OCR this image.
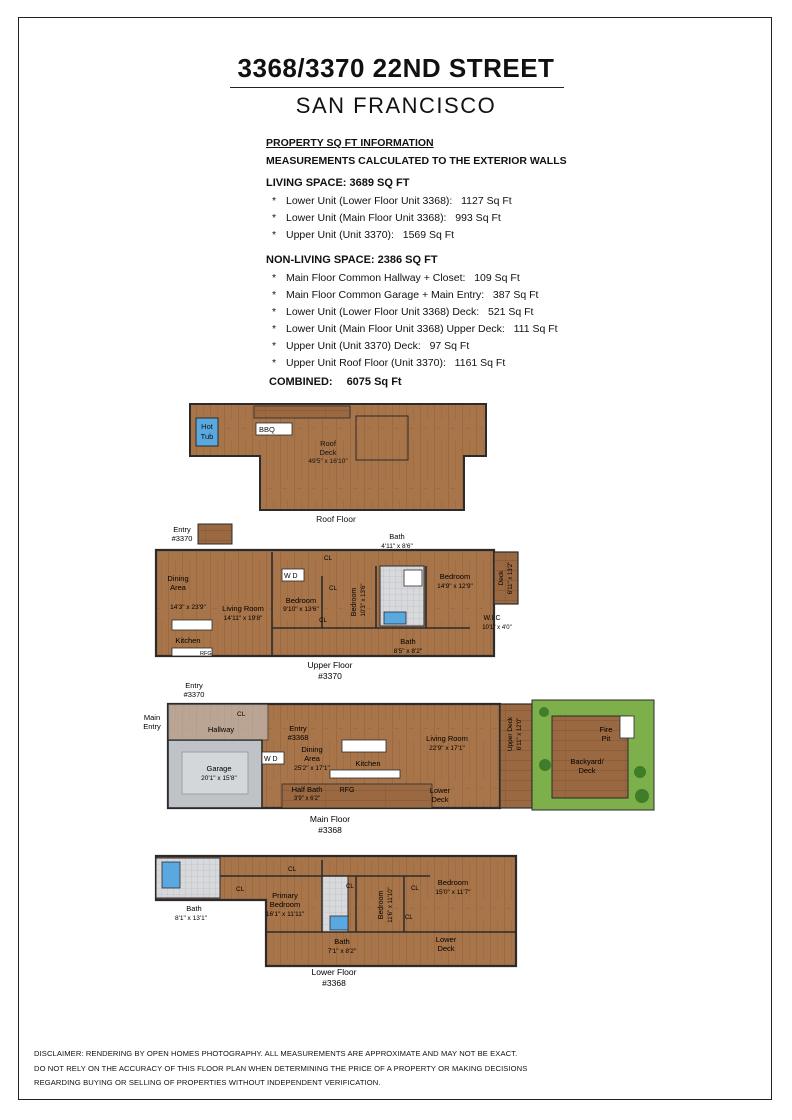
3368/3370 22ND STREET
SAN FRANCISCO
PROPERTY SQ FT INFORMATION
MEASUREMENTS CALCULATED TO THE EXTERIOR WALLS
LIVING SPACE: 3689 SQ FT
* Lower Unit (Lower Floor Unit 3368): 1127 Sq Ft
* Lower Unit (Main Floor Unit 3368): 993 Sq Ft
* Upper Unit (Unit 3370): 1569 Sq Ft
NON-LIVING SPACE: 2386 SQ FT
* Main Floor Common Hallway + Closet: 109 Sq Ft
* Main Floor Common Garage + Main Entry: 387 Sq Ft
* Lower Unit (Lower Floor Unit 3368) Deck: 521 Sq Ft
* Lower Unit (Main Floor Unit 3368) Upper Deck: 111 Sq Ft
* Upper Unit (Unit 3370) Deck: 97 Sq Ft
* Upper Unit Roof Floor (Unit 3370): 1161 Sq Ft
COMBINED: 6075 Sq Ft
Hot
Tub
BBQ
Roof
Deck
49'5" x 16'10"
Roof Floor
Entry
#3370	Bath
4'11" x 8'6"
Dining
Area
14'3" x 23'9" Living Room
14'11" x 19'8"
Kitchen
RFG
W D
CL
CL
CL
Bedroom
9'10" x 13'6"	Bedroom 10'3" x 13'6"
Bedroom
14'9" x 12'9"
Deck 6'11" x 13'2"
W.I.C
10'1" x 4'0"
Bath
8'5" x 8'2"
Upper Floor
#3370
Entry
#3370
Main
Entry
CL
Hallway	Entry
#3368
Garage
20'1" x 15'8"
Dining
Area
25'2" x 17'1"
W D	Kitchen
Living Room
22'9" x 17'1"	Upper Deck 6'11" x 12'0"	Fire
Pit
Backyard/
Deck
Half Bath
3'9" x 6'2"
RFG	Lower
Deck
Main Floor
#3368
Bath
8'1" x 13'1"
CL
CL	CL
CL
CL
Primary
Bedroom
16'1" x 11'11"
Bath
7'1" x 8'2"
Bedroom 11'6" x 11'10"
Bedroom
15'0" x 11'7"
Lower
Deck
Lower Floor
#3368
DISCLAIMER: RENDERING BY OPEN HOMES PHOTOGRAPHY. ALL MEASUREMENTS ARE APPROXIMATE AND MAY NOT BE EXACT.
DO NOT RELY ON THE ACCURACY OF THIS FLOOR PLAN WHEN DETERMINING THE PRICE OF A PROPERTY OR MAKING DECISIONS
REGARDING BUYING OR SELLING OF PROPERTIES WITHOUT INDEPENDENT VERIFICATION.
